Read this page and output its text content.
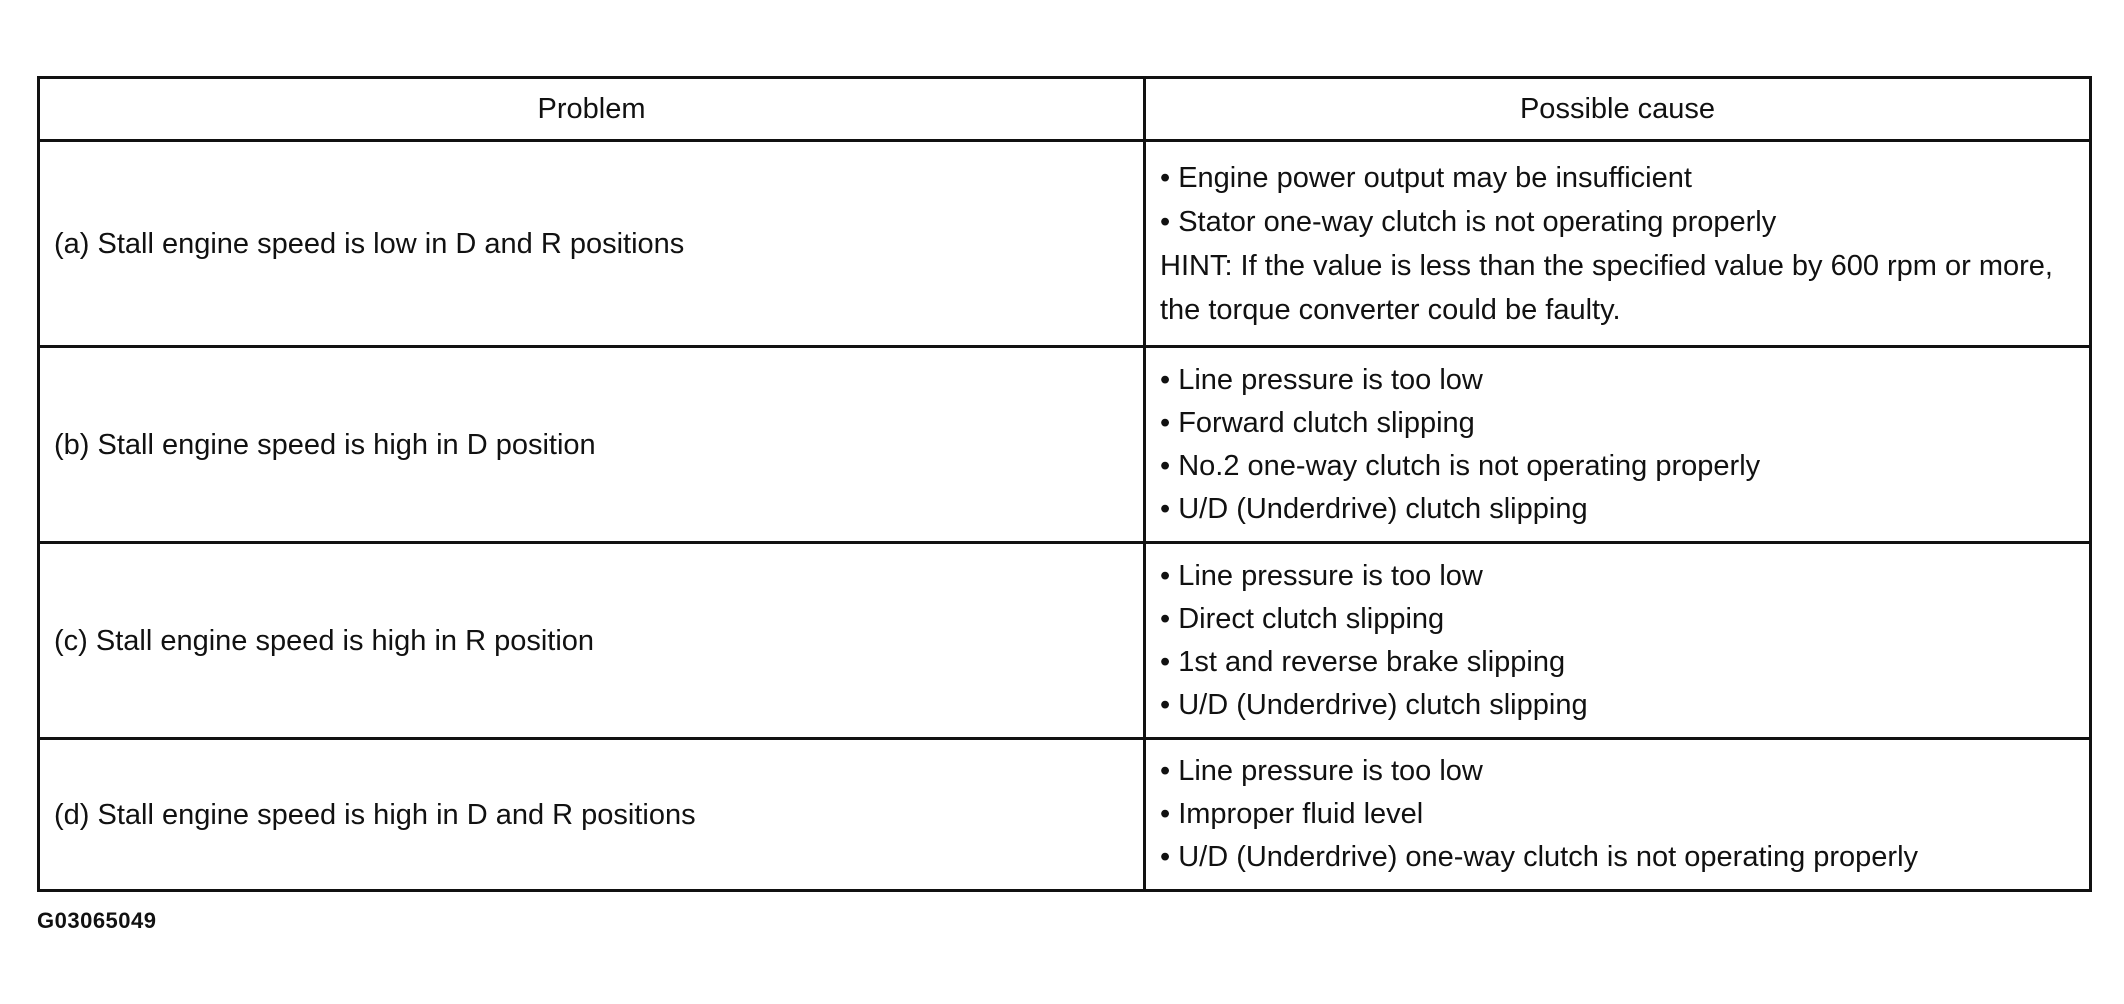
Problem	Possible cause
(a) Stall engine speed is low in D and R positions	• Engine power output may be insufficient
• Stator one-way clutch is not operating properly
HINT: If the value is less than the specified value by 600 rpm or more, the torque converter could be faulty.

(b) Stall engine speed is high in D position	• Line pressure is too low
• Forward clutch slipping
• No.2 one-way clutch is not operating properly
• U/D (Underdrive) clutch slipping

(c) Stall engine speed is high in R position	• Line pressure is too low
• Direct clutch slipping
• 1st and reverse brake slipping
• U/D (Underdrive) clutch slipping

(d) Stall engine speed is high in D and R positions	• Line pressure is too low
• Improper fluid level
• U/D (Underdrive) one-way clutch is not operating properly
G03065049
